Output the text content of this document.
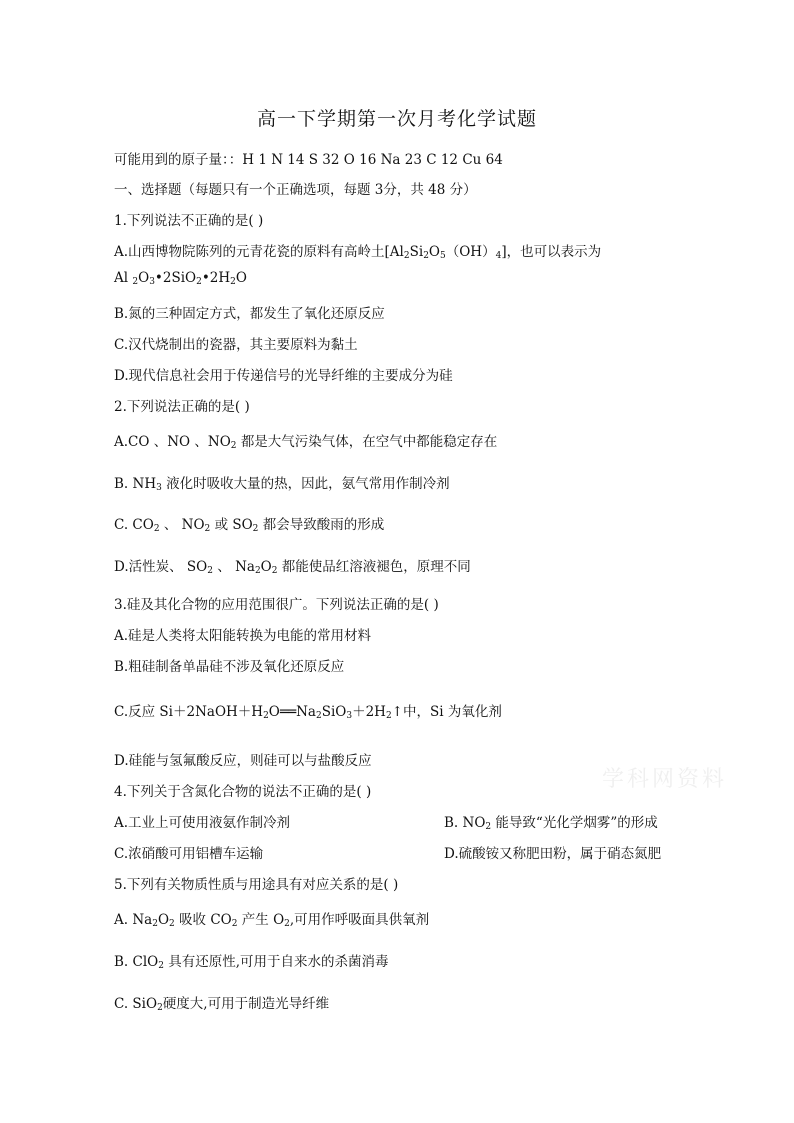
高一下学期第一次月考化学试题
可能用到的原子量：：H 1 N 14 S 32 O 16 Na 23 C 12 Cu 64
一、选择题（每题只有一个正确选项，每题 3分，共 48 分）
1.下列说法不正确的是( )
A.山西博物院陈列的元青花瓷的原料有高岭土$[Al_2Si_2O_5(OH)_4]$，也可以表示为
Al $_2O_3•2SiO_2•2H_2O$
B.氮的三种固定方式，都发生了氧化还原反应
C.汉代烧制出的瓷器，其主要原料为黏土
D.现代信息社会用于传递信号的光导纤维的主要成分为硅
2.下列说法正确的是( )
A.CO 、NO 、$NO_2$ 都是大气污染气体，在空气中都能稳定存在
B. $NH_3$ 液化时吸收大量的热，因此，氨气常用作制冷剂
C. $CO_2$ 、 $NO_2$ 或 $SO_2$ 都会导致酸雨的形成
D.活性炭、 $SO_2$ 、 $Na_2O_2$ 都能使品红溶液褪色，原理不同
3.硅及其化合物的应用范围很广。下列说法正确的是( )
A.硅是人类将太阳能转换为电能的常用材料
B.粗硅制备单晶硅不涉及氧化还原反应
C.反应 $Si+2NaOH+H_2O══Na_2SiO_3+2H_2↑$中，Si 为氧化剂
D.硅能与氢氟酸反应，则硅可以与盐酸反应
4.下列关于含氮化合物的说法不正确的是( )
A.工业上可使用液氨作制冷剂	B. $NO_2$ 能导致“光化学烟雾”的形成
C.浓硝酸可用铝槽车运输	D.硫酸铵又称肥田粉，属于硝态氮肥
5.下列有关物质性质与用途具有对应关系的是( )
A. $Na_2O_2$ 吸收 $CO_2$ 产生 $O_2$,可用作呼吸面具供氧剂
B. ClO$_2$ 具有还原性,可用于自来水的杀菌消毒
C. SiO$_2$硬度大,可用于制造光导纤维
学科网资料
